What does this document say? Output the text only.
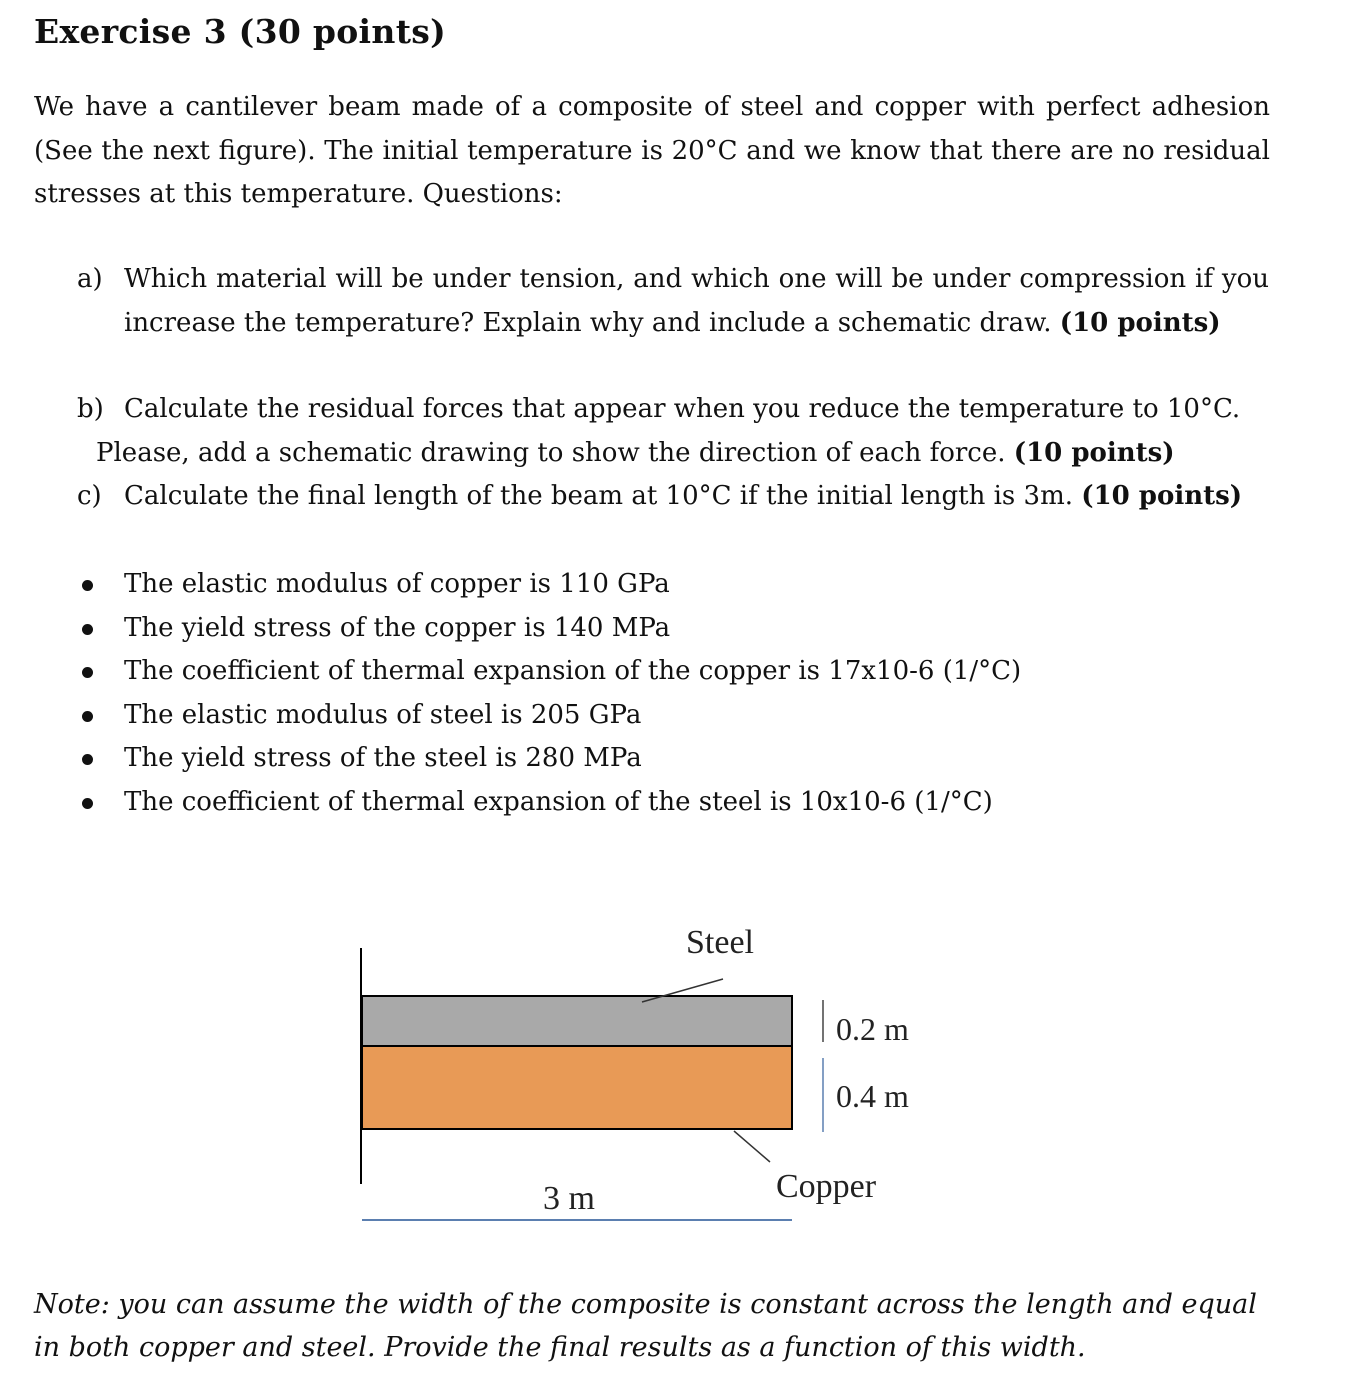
Exercise 3 (30 points)
We have a cantilever beam made of a composite of steel and copper with perfect adhesion (See the next figure). The initial temperature is 20°C and we know that there are no residual stresses at this temperature. Questions:
a) Which material will be under tension, and which one will be under compression if you increase the temperature? Explain why and include a schematic draw. (10 points)
b) Calculate the residual forces that appear when you reduce the temperature to 10°C.
Please, add a schematic drawing to show the direction of each force. (10 points)
c) Calculate the final length of the beam at 10°C if the initial length is 3m. (10 points)
The elastic modulus of copper is 110 GPa
The yield stress of the copper is 140 MPa
The coefficient of thermal expansion of the copper is 17x10-6 (1/°C)
The elastic modulus of steel is 205 GPa
The yield stress of the steel is 280 MPa
The coefficient of thermal expansion of the steel is 10x10-6 (1/°C)
Steel
0.2 m
0.4 m
Copper
3 m
Note: you can assume the width of the composite is constant across the length and equal in both copper and steel. Provide the final results as a function of this width.
